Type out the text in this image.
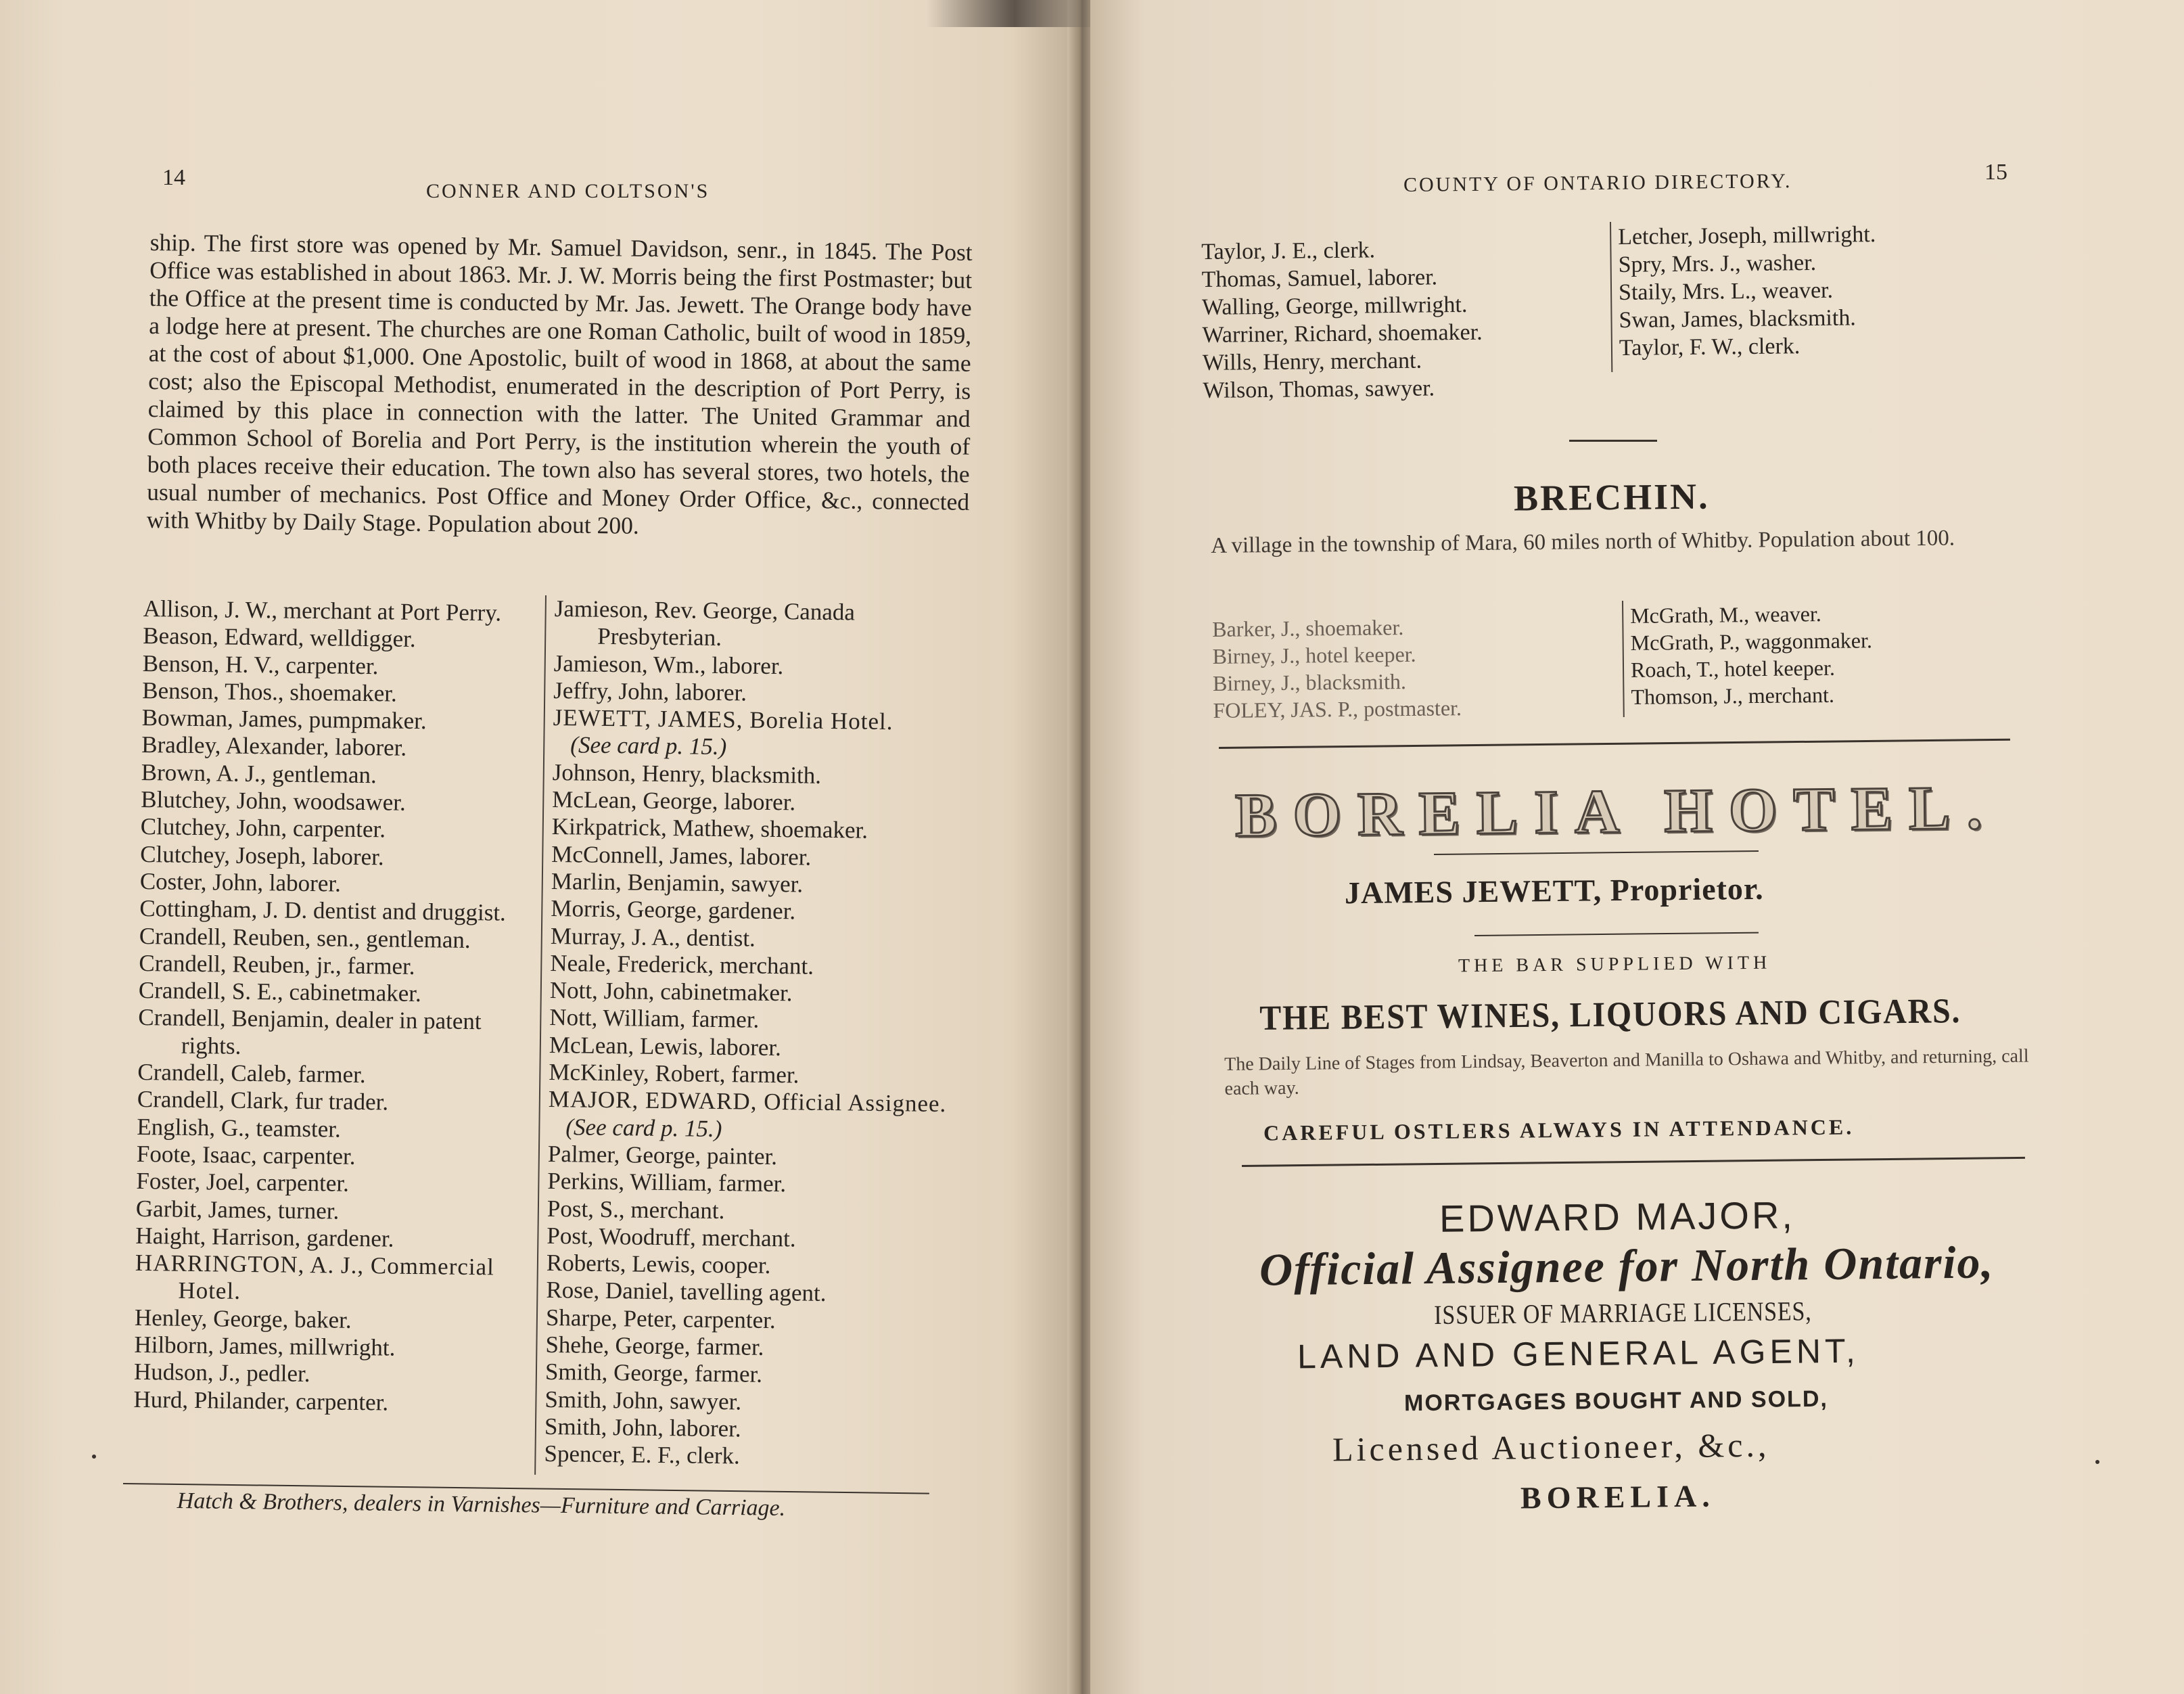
14
CONNER AND COLTSON'S

ship. The first store was opened by Mr. Samuel Davidson, senr., in 1845. The Post Office was established in about 1863. Mr. J. W. Morris being the first Postmaster; but the Office at the present time is conducted by Mr. Jas. Jewett. The Orange body have a lodge here at present. The churches are one Roman Catholic, built of wood in 1859, at the cost of about $1,000. One Apostolic, built of wood in 1868, at about the same cost; also the Episcopal Methodist, enumerated in the description of Port Perry, is claimed by this place in connection with the latter. The United Grammar and Common School of Borelia and Port Perry, is the institution wherein the youth of both places receive their education. The town also has several stores, two hotels, the usual number of mechanics. Post Office and Money Order Office, &c., connected with Whitby by Daily Stage. Population about 200.

Allison, J. W., merchant at Port Perry.
Beason, Edward, welldigger.
Benson, H. V., carpenter.
Benson, Thos., shoemaker.
Bowman, James, pumpmaker.
Bradley, Alexander, laborer.
Brown, A. J., gentleman.
Blutchey, John, woodsawer.
Clutchey, John, carpenter.
Clutchey, Joseph, laborer.
Coster, John, laborer.
Cottingham, J. D. dentist and druggist.
Crandell, Reuben, sen., gentleman.
Crandell, Reuben, jr., farmer.
Crandell, S. E., cabinetmaker.
Crandell, Benjamin, dealer in patent rights.
Crandell, Caleb, farmer.
Crandell, Clark, fur trader.
English, G., teamster.
Foote, Isaac, carpenter.
Foster, Joel, carpenter.
Garbit, James, turner.
Haight, Harrison, gardener.
HARRINGTON, A. J., Commercial Hotel.
Henley, George, baker.
Hilborn, James, millwright.
Hudson, J., pedler.
Hurd, Philander, carpenter.
Jamieson, Rev. George, Canada Presbyterian.
Jamieson, Wm., laborer.
Jeffry, John, laborer.
JEWETT, JAMES, Borelia Hotel.
(See card p. 15.)
Johnson, Henry, blacksmith.
McLean, George, laborer.
Kirkpatrick, Mathew, shoemaker.
McConnell, James, laborer.
Marlin, Benjamin, sawyer.
Morris, George, gardener.
Murray, J. A., dentist.
Neale, Frederick, merchant.
Nott, John, cabinetmaker.
Nott, William, farmer.
McLean, Lewis, laborer.
McKinley, Robert, farmer.
MAJOR, EDWARD, Official Assignee.
(See card p. 15.)
Palmer, George, painter.
Perkins, William, farmer.
Post, S., merchant.
Post, Woodruff, merchant.
Roberts, Lewis, cooper.
Rose, Daniel, tavelling agent.
Sharpe, Peter, carpenter.
Shehe, George, farmer.
Smith, George, farmer.
Smith, John, sawyer.
Smith, John, laborer.
Spencer, E. F., clerk.
Hatch & Brothers, dealers in Varnishes—Furniture and Carriage.
COUNTY OF ONTARIO DIRECTORY.	15
Taylor, J. E., clerk.
Thomas, Samuel, laborer.
Walling, George, millwright.
Warriner, Richard, shoemaker.
Wills, Henry, merchant.
Wilson, Thomas, sawyer.
Letcher, Joseph, millwright.
Spry, Mrs. J., washer.
Staily, Mrs. L., weaver.
Swan, James, blacksmith.
Taylor, F. W., clerk.
BRECHIN.

A village in the township of Mara, 60 miles north of Whitby. Population about 100.

Barker, J., shoemaker.
Birney, J., hotel keeper.
Birney, J., blacksmith.
FOLEY, JAS. P., postmaster.
McGrath, M., weaver.
McGrath, P., waggonmaker.
Roach, T., hotel keeper.
Thomson, J., merchant.
BORELIA HOTEL.
JAMES JEWETT, Proprietor.
THE BAR SUPPLIED WITH
THE BEST WINES, LIQUORS AND CIGARS.

The Daily Line of Stages from Lindsay, Beaverton and Manilla to Oshawa and Whitby, and returning, call each way.

CAREFUL OSTLERS ALWAYS IN ATTENDANCE.
EDWARD MAJOR,
Official Assignee for North Ontario,
ISSUER OF MARRIAGE LICENSES,
LAND AND GENERAL AGENT,
MORTGAGES BOUGHT AND SOLD,
Licensed Auctioneer, &c.,
BORELIA.
